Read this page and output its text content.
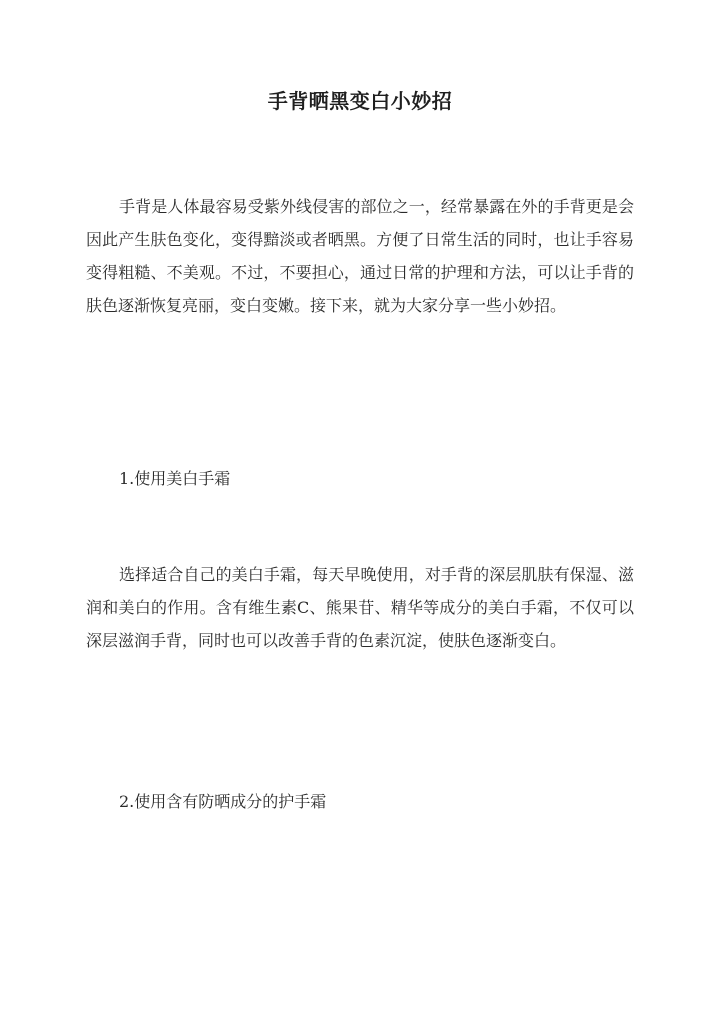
手背晒黑变白小妙招

手背是人体最容易受紫外线侵害的部位之一，经常暴露在外的手背更是会因此产生肤色变化，变得黯淡或者晒黑。方便了日常生活的同时，也让手容易变得粗糙、不美观。不过，不要担心，通过日常的护理和方法，可以让手背的肤色逐渐恢复亮丽，变白变嫩。接下来，就为大家分享一些小妙招。

1.使用美白手霜

选择适合自己的美白手霜，每天早晚使用，对手背的深层肌肤有保湿、滋润和美白的作用。含有维生素C、熊果苷、精华等成分的美白手霜，不仅可以深层滋润手背，同时也可以改善手背的色素沉淀，使肤色逐渐变白。

2.使用含有防晒成分的护手霜
